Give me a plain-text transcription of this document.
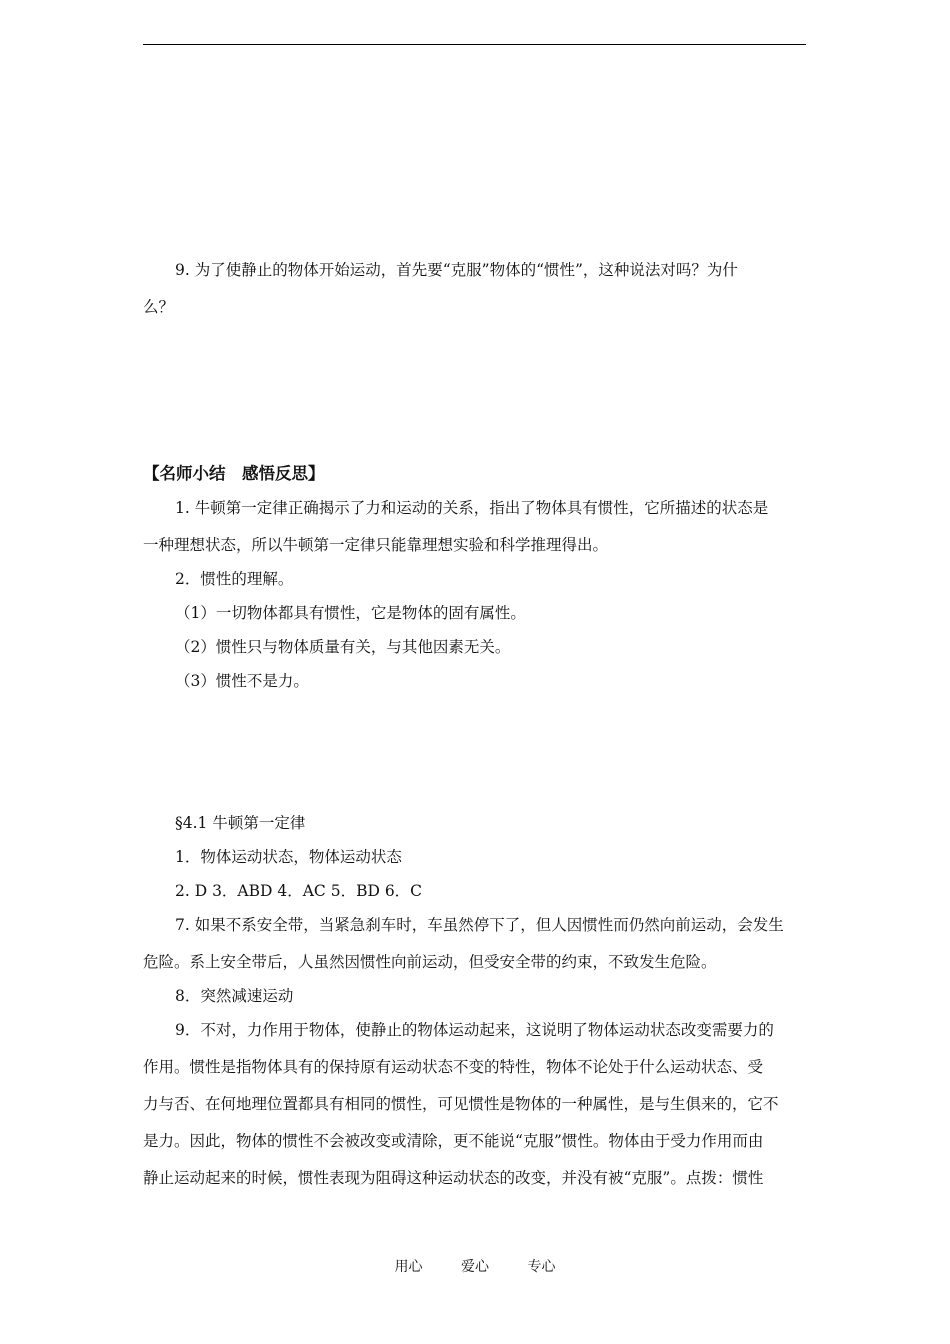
9. 为了使静止的物体开始运动，首先要“克服”物体的“惯性”，这种说法对吗？为什
么？
【名师小结　感悟反思】
1. 牛顿第一定律正确揭示了力和运动的关系，指出了物体具有惯性，它所描述的状态是
一种理想状态，所以牛顿第一定律只能靠理想实验和科学推理得出。
2．惯性的理解。
（1）一切物体都具有惯性，它是物体的固有属性。
（2）惯性只与物体质量有关，与其他因素无关。
（3）惯性不是力。
§4.1 牛顿第一定律
1．物体运动状态，物体运动状态
2. D 3．ABD 4．AC 5．BD 6．C
7. 如果不系安全带，当紧急刹车时，车虽然停下了，但人因惯性而仍然向前运动，会发生
危险。系上安全带后，人虽然因惯性向前运动，但受安全带的约束，不致发生危险。
8．突然减速运动
9．不对，力作用于物体，使静止的物体运动起来，这说明了物体运动状态改变需要力的
作用。惯性是指物体具有的保持原有运动状态不变的特性，物体不论处于什么运动状态、受
力与否、在何地理位置都具有相同的惯性，可见惯性是物体的一种属性，是与生俱来的，它不
是力。因此，物体的惯性不会被改变或清除，更不能说“克服”惯性。物体由于受力作用而由
静止运动起来的时候，惯性表现为阻碍这种运动状态的改变，并没有被“克服”。点拨：惯性
用心	爱心	专心
